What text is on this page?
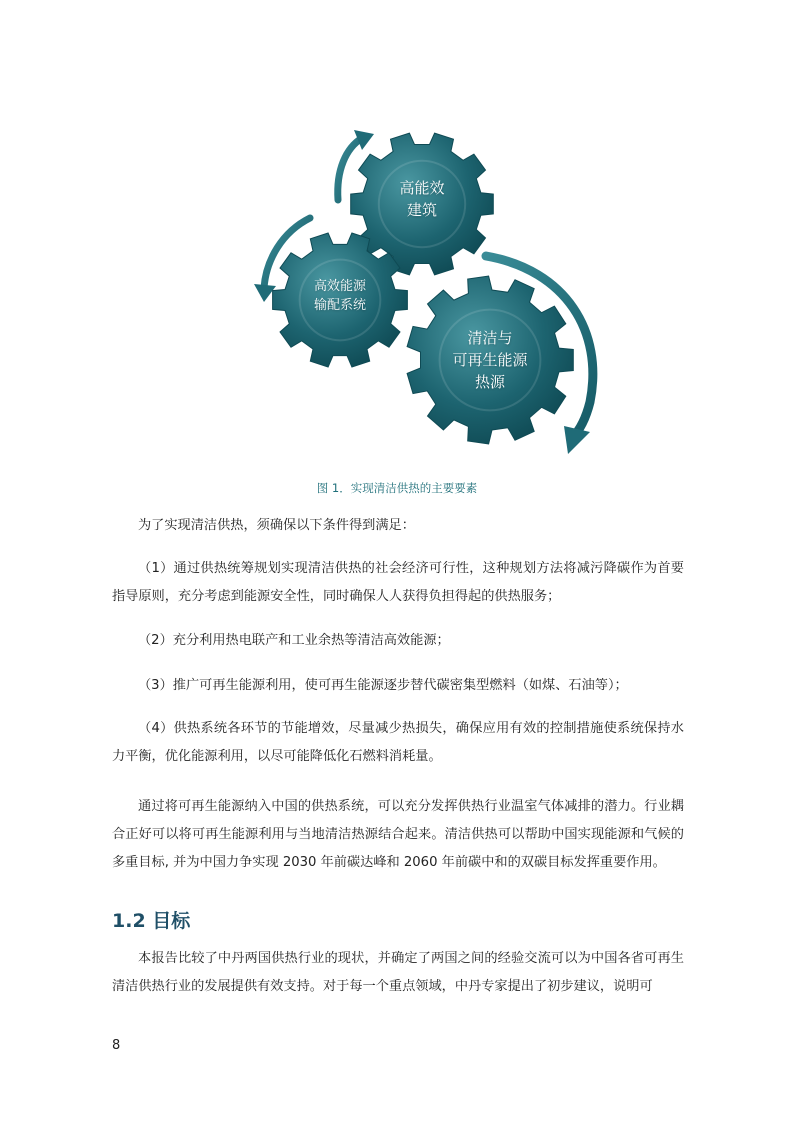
高能效
建筑
高效能源
输配系统
清洁与
可再生能源
热源
图 1．实现清洁供热的主要要素

为了实现清洁供热，须确保以下条件得到满足：

（1）通过供热统筹规划实现清洁供热的社会经济可行性，这种规划方法将减污降碳作为首要指导原则，充分考虑到能源安全性，同时确保人人获得负担得起的供热服务；

（2）充分利用热电联产和工业余热等清洁高效能源；

（3）推广可再生能源利用，使可再生能源逐步替代碳密集型燃料（如煤、石油等）；

（4）供热系统各环节的节能增效，尽量减少热损失，确保应用有效的控制措施使系统保持水力平衡，优化能源利用，以尽可能降低化石燃料消耗量。

通过将可再生能源纳入中国的供热系统，可以充分发挥供热行业温室气体减排的潜力。行业耦合正好可以将可再生能源利用与当地清洁热源结合起来。清洁供热可以帮助中国实现能源和气候的多重目标, 并为中国力争实现 2030 年前碳达峰和 2060 年前碳中和的双碳目标发挥重要作用。

1.2 目标

本报告比较了中丹两国供热行业的现状，并确定了两国之间的经验交流可以为中国各省可再生清洁供热行业的发展提供有效支持。对于每一个重点领域，中丹专家提出了初步建议，说明可

8
